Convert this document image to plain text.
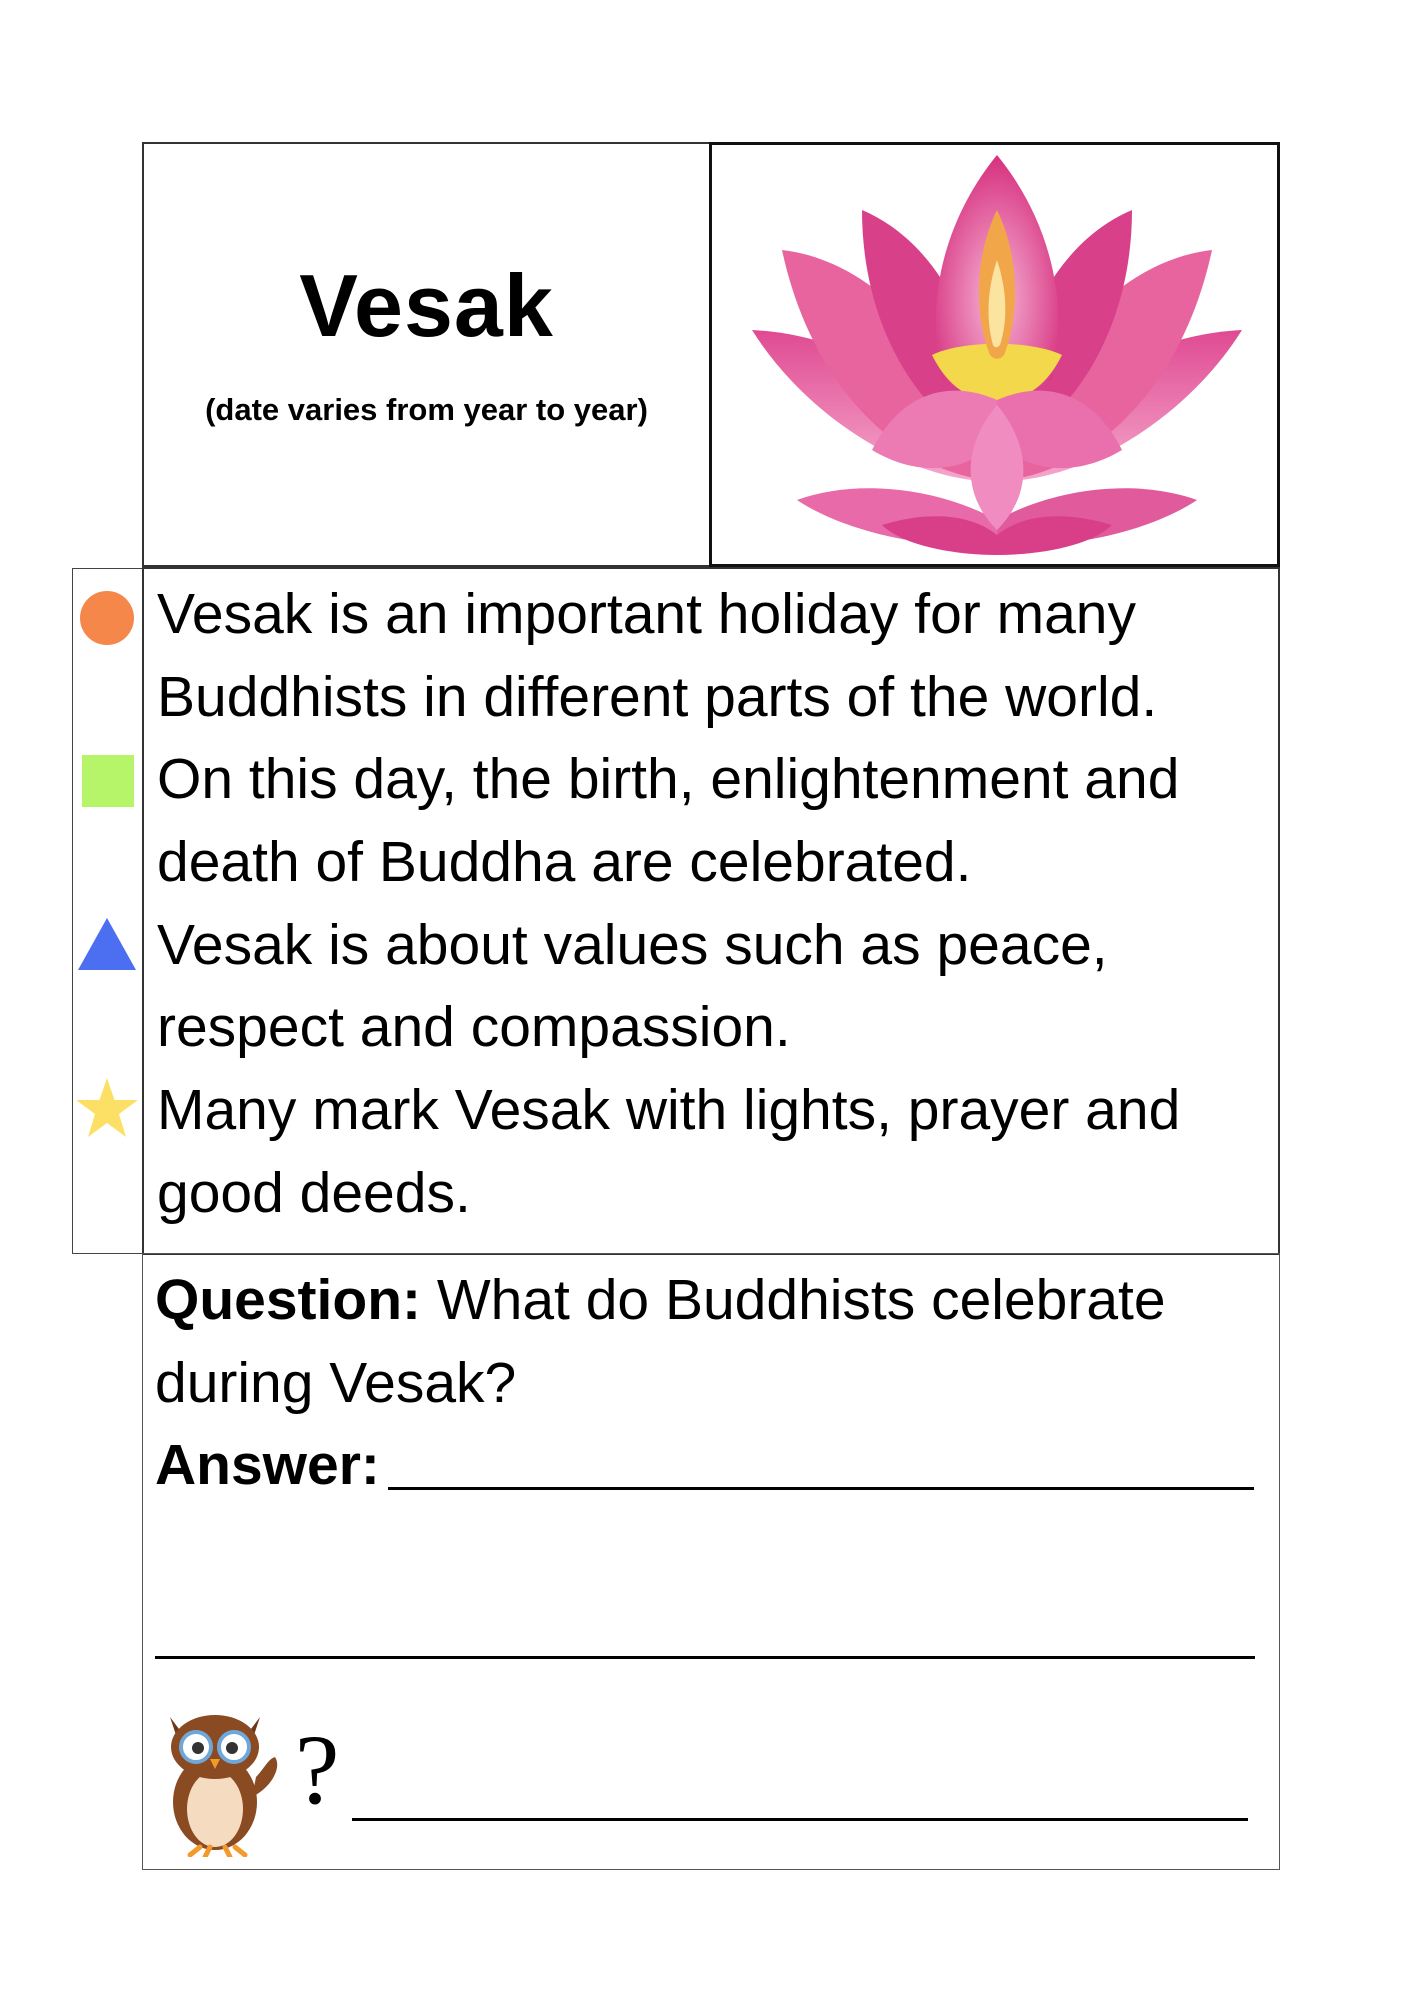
Vesak
(date varies from year to year)
Vesak is an important holiday for many
Buddhists in different parts of the world.
On this day, the birth, enlightenment and
death of Buddha are celebrated.
Vesak is about values such as peace,
respect and compassion.
Many mark Vesak with lights, prayer and
good deeds.
Question: What do Buddhists celebrate
during Vesak?
Answer:
?
